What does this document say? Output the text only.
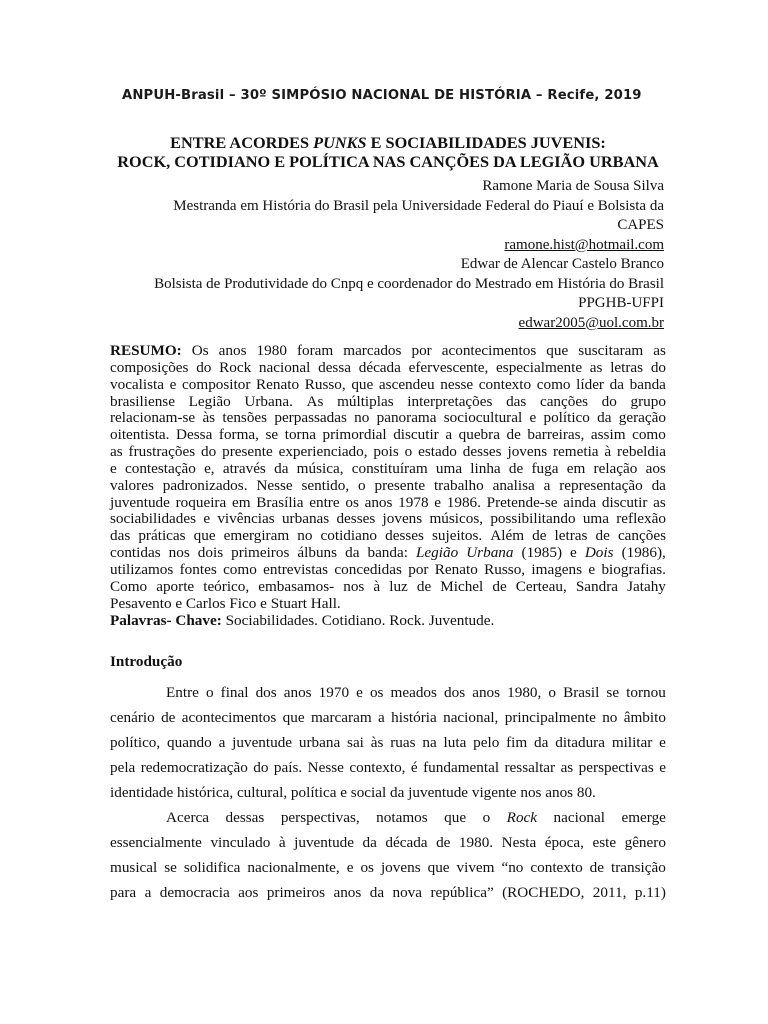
ANPUH-Brasil – 30º SIMPÓSIO NACIONAL DE HISTÓRIA – Recife, 2019
ENTRE ACORDES PUNKS E SOCIABILIDADES JUVENIS:
ROCK, COTIDIANO E POLÍTICA NAS CANÇÕES DA LEGIÃO URBANA
Ramone Maria de Sousa Silva
Mestranda em História do Brasil pela Universidade Federal do Piauí e Bolsista da
CAPES
ramone.hist@hotmail.com
Edwar de Alencar Castelo Branco
Bolsista de Produtividade do Cnpq e coordenador do Mestrado em História do Brasil
PPGHB-UFPI
edwar2005@uol.com.br
RESUMO: Os anos 1980 foram marcados por acontecimentos que suscitaram as
composições do Rock nacional dessa década efervescente, especialmente as letras do
vocalista e compositor Renato Russo, que ascendeu nesse contexto como líder da banda
brasiliense Legião Urbana. As múltiplas interpretações das canções do grupo
relacionam-se às tensões perpassadas no panorama sociocultural e político da geração
oitentista. Dessa forma, se torna primordial discutir a quebra de barreiras, assim como
as frustrações do presente experienciado, pois o estado desses jovens remetia à rebeldia
e contestação e, através da música, constituíram uma linha de fuga em relação aos
valores padronizados. Nesse sentido, o presente trabalho analisa a representação da
juventude roqueira em Brasília entre os anos 1978 e 1986. Pretende-se ainda discutir as
sociabilidades e vivências urbanas desses jovens músicos, possibilitando uma reflexão
das práticas que emergiram no cotidiano desses sujeitos. Além de letras de canções
contidas nos dois primeiros álbuns da banda: Legião Urbana (1985) e Dois (1986),
utilizamos fontes como entrevistas concedidas por Renato Russo, imagens e biografias.
Como aporte teórico, embasamos- nos à luz de Michel de Certeau, Sandra Jatahy
Pesavento e Carlos Fico e Stuart Hall.
Palavras- Chave: Sociabilidades. Cotidiano. Rock. Juventude.
Introdução
Entre o final dos anos 1970 e os meados dos anos 1980, o Brasil se tornou
cenário de acontecimentos que marcaram a história nacional, principalmente no âmbito
político, quando a juventude urbana sai às ruas na luta pelo fim da ditadura militar e
pela redemocratização do país. Nesse contexto, é fundamental ressaltar as perspectivas e
identidade histórica, cultural, política e social da juventude vigente nos anos 80.
Acerca dessas perspectivas, notamos que o Rock nacional emerge
essencialmente vinculado à juventude da década de 1980. Nesta época, este gênero
musical se solidifica nacionalmente, e os jovens que vivem “no contexto de transição
para a democracia aos primeiros anos da nova república” (ROCHEDO, 2011, p.11)
